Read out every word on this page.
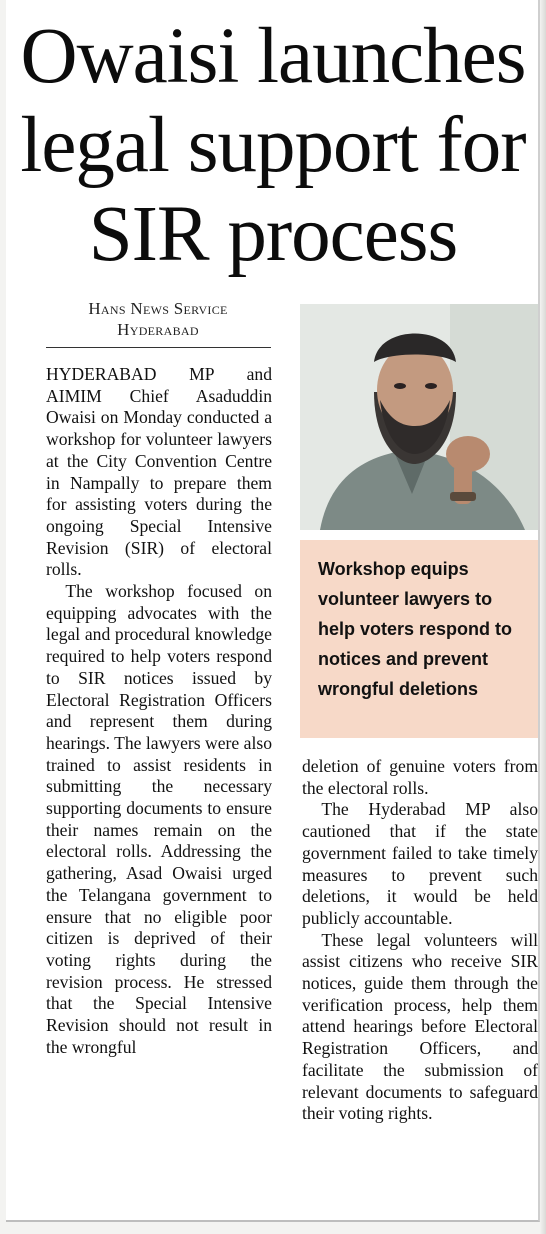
Owaisi launches
legal support for
SIR process
Hans News Service
Hyderabad

HYDERABAD MP and AIMIM Chief Asaduddin Owaisi on Monday conducted a workshop for volunteer lawyers at the City Convention Centre in Nampally to prepare them for assisting voters during the ongoing Special Intensive Revision (SIR) of electoral rolls.

The workshop focused on equipping advocates with the legal and procedural knowledge required to help voters respond to SIR notices issued by Electoral Registration Officers and represent them during hearings. The lawyers were also trained to assist residents in submitting the necessary supporting documents to ensure their names remain on the electoral rolls. Addressing the gathering, Asad Owaisi urged the Telangana government to ensure that no eligible poor citizen is deprived of their voting rights during the revision process. He stressed that the Special Intensive Revision should not result in the wrongful

Workshop equips volunteer lawyers to help voters respond to notices and prevent wrongful deletions

deletion of genuine voters from the electoral rolls.

The Hyderabad MP also cautioned that if the state government failed to take timely measures to prevent such deletions, it would be held publicly accountable.

These legal volunteers will assist citizens who receive SIR notices, guide them through the verification process, help them attend hearings before Electoral Registration Officers, and facilitate the submission of relevant documents to safeguard their voting rights.
